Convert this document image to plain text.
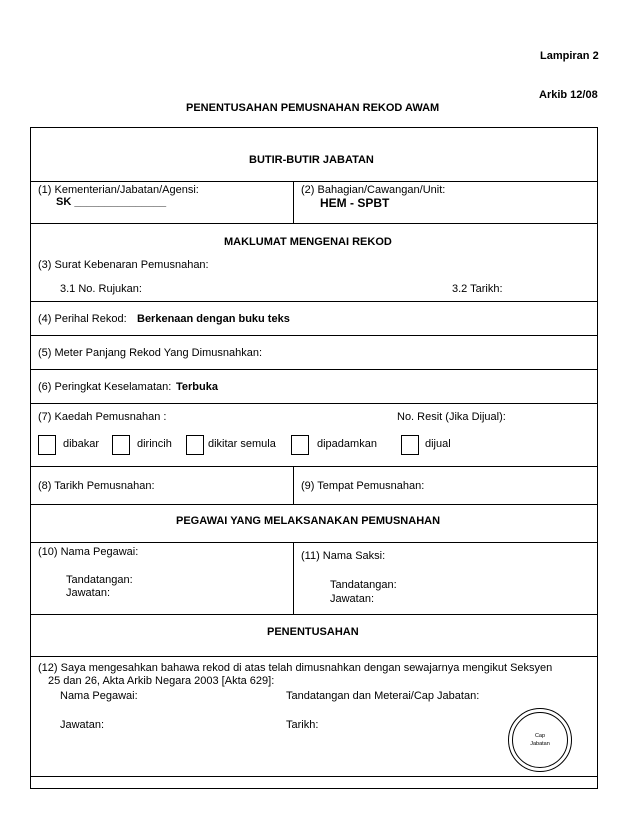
Lampiran 2
Arkib 12/08
PENENTUSAHAN PEMUSNAHAN REKOD AWAM
BUTIR-BUTIR JABATAN
(1) Kementerian/Jabatan/Agensi:
SK _______________
(2) Bahagian/Cawangan/Unit:
HEM - SPBT
MAKLUMAT MENGENAI REKOD
(3) Surat Kebenaran Pemusnahan:
3.1 No. Rujukan:	3.2 Tarikh:
(4) Perihal Rekod: Berkenaan dengan buku teks
(5) Meter Panjang Rekod Yang Dimusnahkan:
(6) Peringkat Keselamatan: Terbuka
(7) Kaedah Pemusnahan :	No. Resit (Jika Dijual):
dibakar	dirincih	dikitar semula	dipadamkan	dijual
(8) Tarikh Pemusnahan:	(9) Tempat Pemusnahan:
PEGAWAI YANG MELAKSANAKAN PEMUSNAHAN
(10) Nama Pegawai:
Tandatangan:
Jawatan:
(11) Nama Saksi:
Tandatangan:
Jawatan:
PENENTUSAHAN
(12) Saya mengesahkan bahawa rekod di atas telah dimusnahkan dengan sewajarnya mengikut Seksyen
25 dan 26, Akta Arkib Negara 2003 [Akta 629]:
Nama Pegawai:	Tandatangan dan Meterai/Cap Jabatan:
Jawatan:	Tarikh:
Cap
Jabatan
